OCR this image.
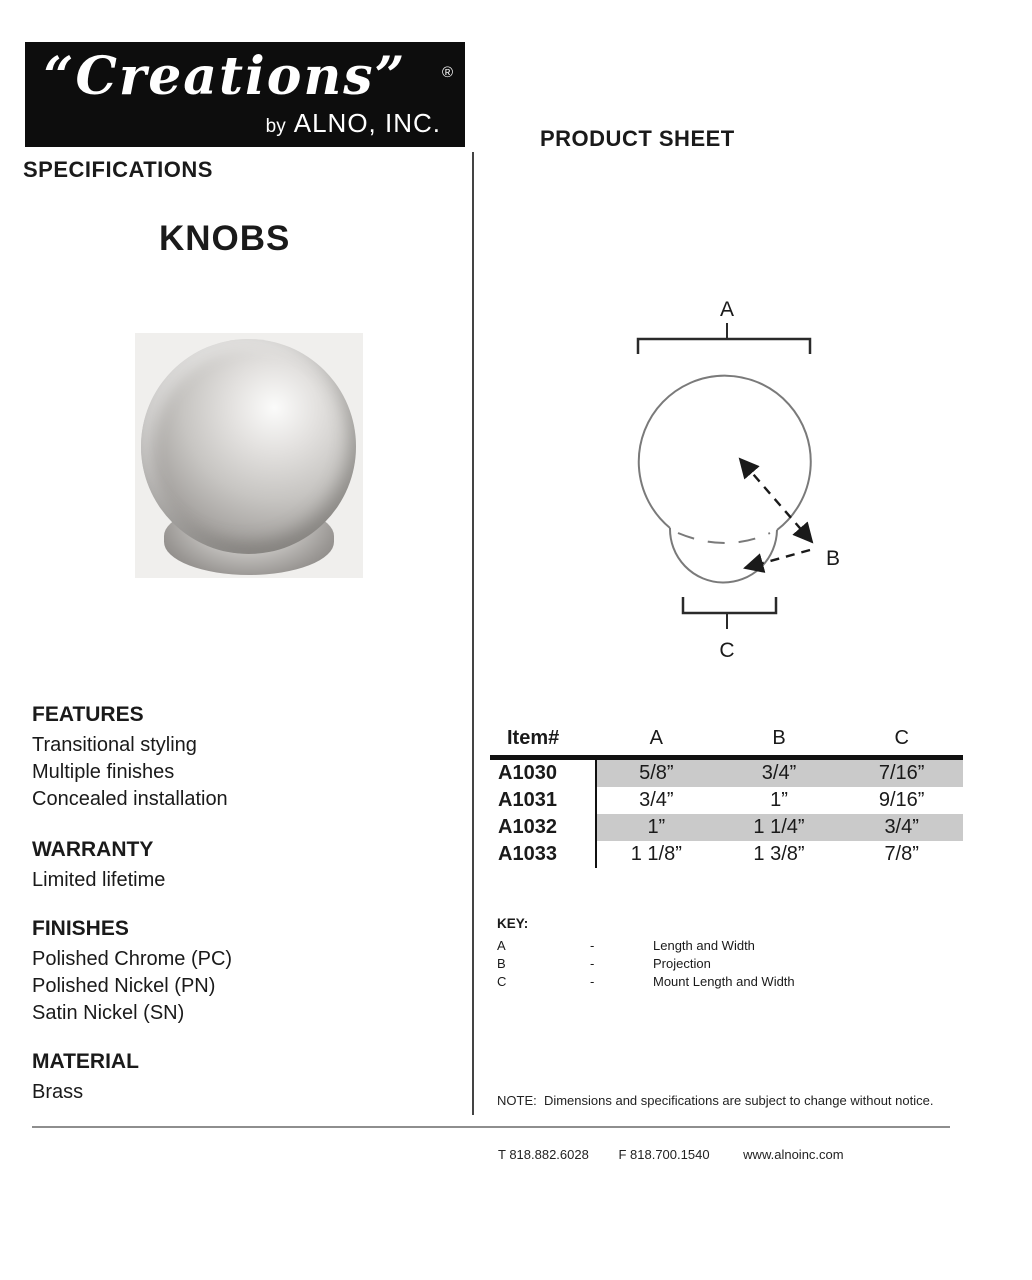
“Creations”	®
by ALNO, INC.
PRODUCT SHEET
SPECIFICATIONS
KNOBS
A
B
C
Item#	A	B	C
A1030	5/8”	3/4”	7/16”
A1031	3/4”	1”	9/16”
A1032	1”	1 1/4”	3/4”
A1033	1 1/8”	1 3/8”	7/8”
KEY:
A	-	Length and Width
B	-	Projection
C	-	Mount Length and Width
FEATURES
Transitional styling
Multiple finishes
Concealed installation
WARRANTY
Limited lifetime
FINISHES
Polished Chrome (PC)
Polished Nickel (PN)
Satin Nickel (SN)
MATERIAL
Brass	NOTE:  Dimensions and specifications are subject to change without notice.
T 818.882.6028 F 818.700.1540	www.alnoinc.com
